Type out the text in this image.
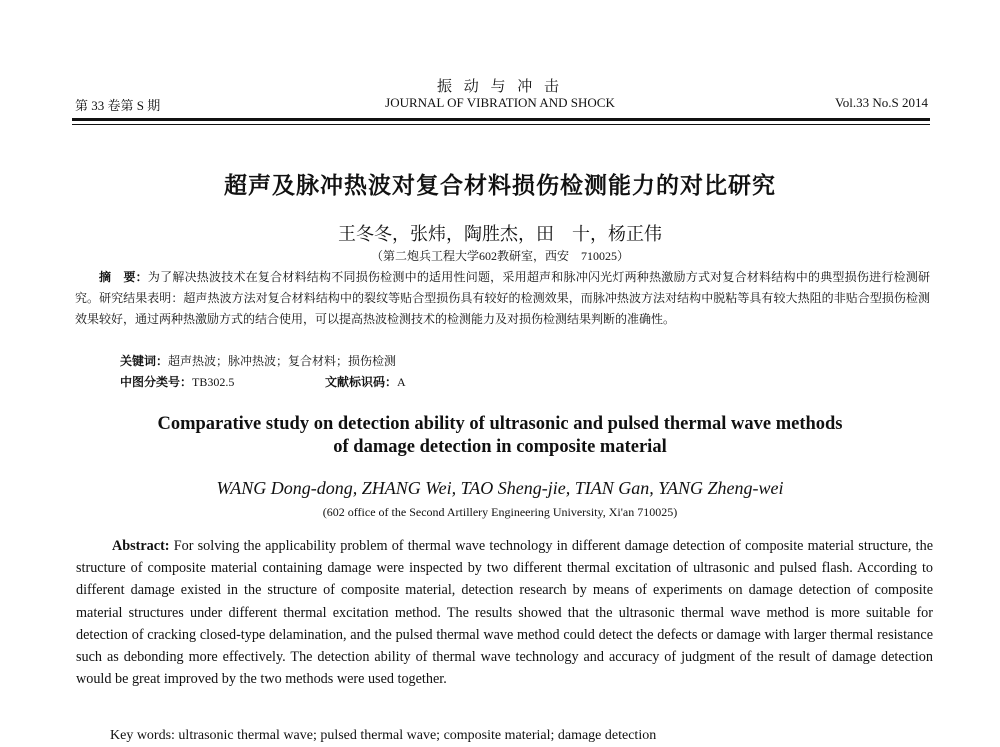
振 动 与 冲 击
第 33 卷第 S 期	JOURNAL OF VIBRATION AND SHOCK	Vol.33 No.S 2014
超声及脉冲热波对复合材料损伤检测能力的对比研究
王冬冬，张炜，陶胜杰，田　十，杨正伟
（第二炮兵工程大学602教研室，西安　710025）
摘　要：为了解决热波技术在复合材料结构不同损伤检测中的适用性问题，采用超声和脉冲闪光灯两种热激励方式对复合材料结构中的典型损伤进行检测研究。研究结果表明：超声热波方法对复合材料结构中的裂纹等贴合型损伤具有较好的检测效果，而脉冲热波方法对结构中脱粘等具有较大热阻的非贴合型损伤检测效果较好，通过两种热激励方式的结合使用，可以提高热波检测技术的检测能力及对损伤检测结果判断的准确性。
关键词：超声热波；脉冲热波；复合材料；损伤检测
中图分类号：TB302.5	文献标识码：A
Comparative study on detection ability of ultrasonic and pulsed thermal wave methods
of damage detection in composite material
WANG Dong-dong, ZHANG Wei, TAO Sheng-jie, TIAN Gan, YANG Zheng-wei
(602 office of the Second Artillery Engineering University, Xi'an 710025)
Abstract: For solving the applicability problem of thermal wave technology in different damage detection of composite material structure, the structure of composite material containing damage were inspected by two different thermal excitation of ultrasonic and pulsed flash. According to different damage existed in the structure of composite material, detection research by means of experiments on damage detection of composite material structures under different thermal excitation method. The results showed that the ultrasonic thermal wave method is more suitable for detection of cracking closed-type delamination, and the pulsed thermal wave method could detect the defects or damage with larger thermal resistance such as debonding more effectively. The detection ability of thermal wave technology and accuracy of judgment of the result of damage detection would be great improved by the two methods were used together.
Key words: ultrasonic thermal wave; pulsed thermal wave; composite material; damage detection
